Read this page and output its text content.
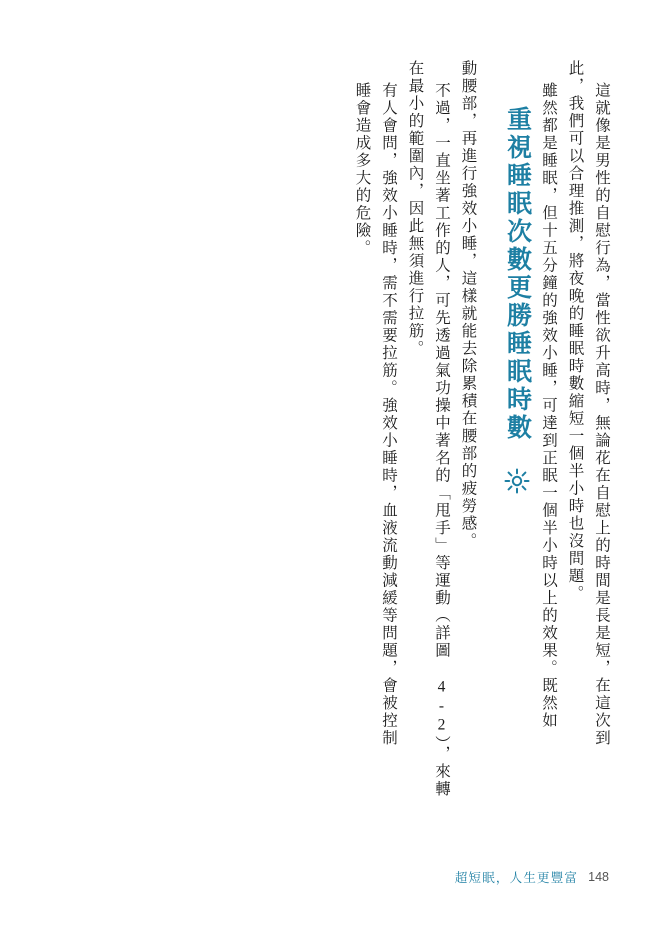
睡會造成多大的危險。 有人會問，強效小睡時，需不需要拉筋。強效小睡時，血液流動減緩等問題，會被控制 在最小的範圍內，因此無須進行拉筋。 不過，一直坐著工作的人，可先透過氣功操中著名的「甩手」等運動（詳圖 4-2），來轉 動腰部，再進行強效小睡，這樣就能去除累積在腰部的疲勞感。 重視睡眠次數更勝睡眠時數 雖然都是睡眠，但十五分鐘的強效小睡，可達到正眠一個半小時以上的效果。既然如 此，我們可以合理推測，將夜晚的睡眠時數縮短一個半小時也沒問題。 這就像是男性的自慰行為，當性欲升高時，無論花在自慰上的時間是長是短，在這次到
超短眠，人生更豐富 148
